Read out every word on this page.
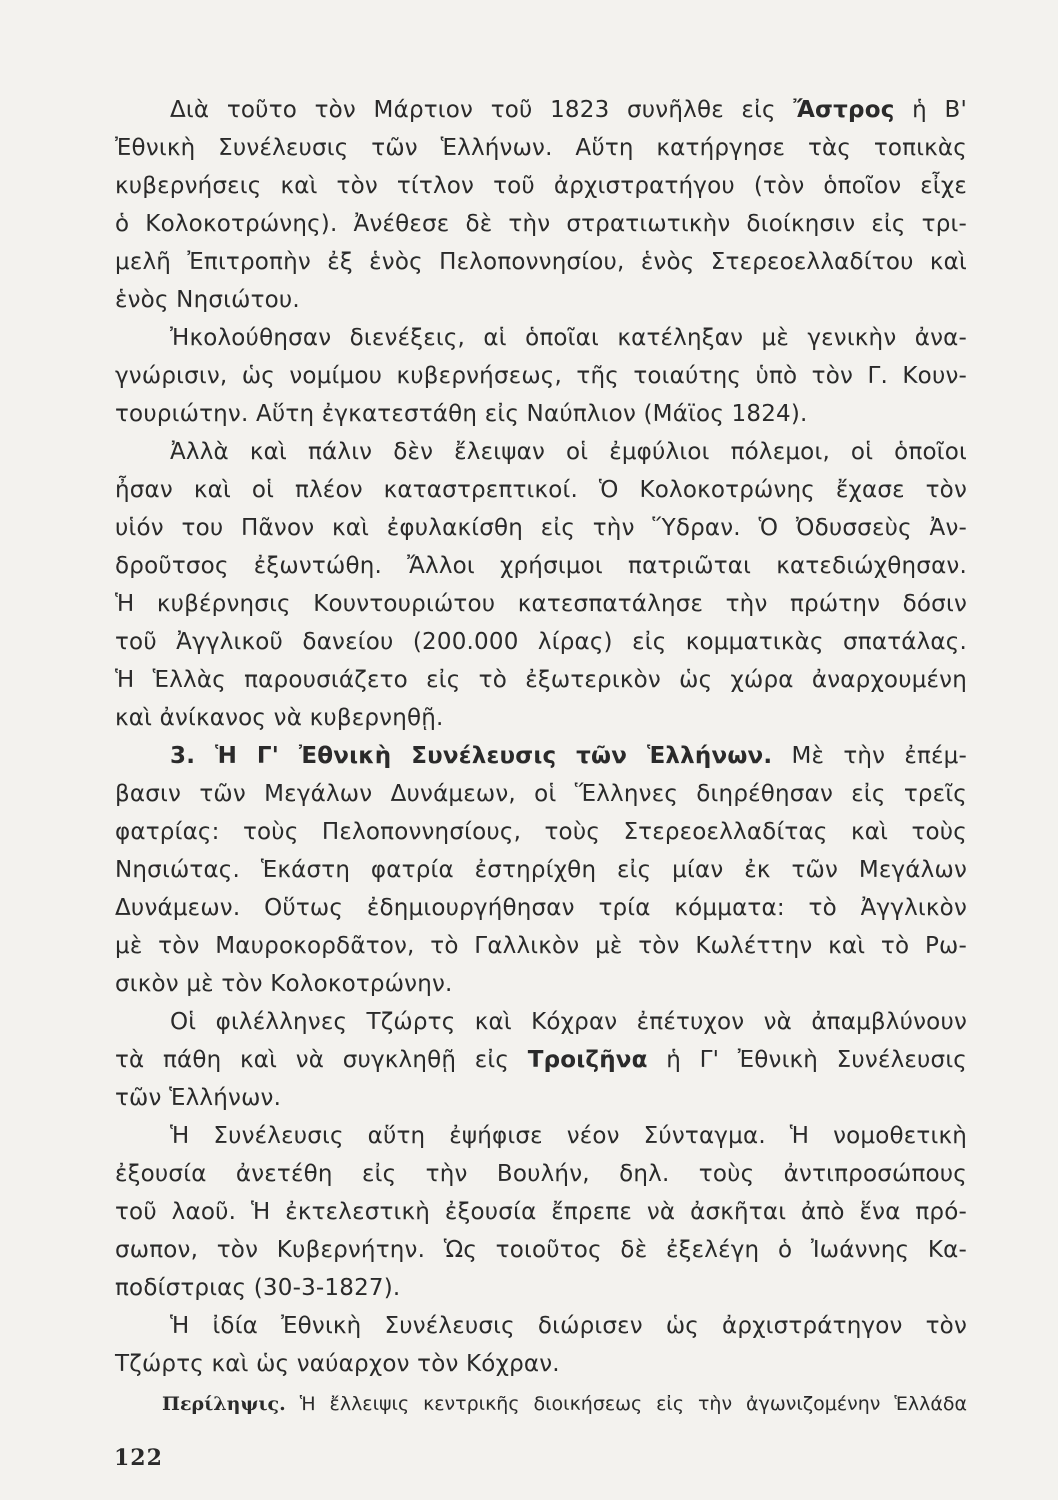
Διὰ τοῦτο τὸν Μάρτιον τοῦ 1823 συνῆλθε εἰς Ἄστρος ἡ Β'
Ἐθνικὴ Συνέλευσις τῶν Ἑλλήνων. Αὕτη κατήργησε τὰς τοπικὰς
κυβερνήσεις καὶ τὸν τίτλον τοῦ ἀρχιστρατήγου (τὸν ὁποῖον εἶχε
ὁ Κολοκοτρώνης). Ἀνέθεσε δὲ τὴν στρατιωτικὴν διοίκησιν εἰς τρι-
μελῆ Ἐπιτροπὴν ἐξ ἑνὸς Πελοποννησίου, ἑνὸς Στερεοελλαδίτου καὶ
ἑνὸς Νησιώτου.
Ἠκολούθησαν διενέξεις, αἱ ὁποῖαι κατέληξαν μὲ γενικὴν ἀνα-
γνώρισιν, ὡς νομίμου κυβερνήσεως, τῆς τοιαύτης ὑπὸ τὸν Γ. Κουν-
τουριώτην. Αὕτη ἐγκατεστάθη εἰς Ναύπλιον (Μάϊος 1824).
Ἀλλὰ καὶ πάλιν δὲν ἔλειψαν οἱ ἐμφύλιοι πόλεμοι, οἱ ὁποῖοι
ἦσαν καὶ οἱ πλέον καταστρεπτικοί. Ὁ Κολοκοτρώνης ἔχασε τὸν
υἱόν του Πᾶνον καὶ ἐφυλακίσθη εἰς τὴν Ὕδραν. Ὁ Ὀδυσσεὺς Ἀν-
δροῦτσος ἐξωντώθη. Ἄλλοι χρήσιμοι πατριῶται κατεδιώχθησαν.
Ἡ κυβέρνησις Κουντουριώτου κατεσπατάλησε τὴν πρώτην δόσιν
τοῦ Ἀγγλικοῦ δανείου (200.000 λίρας) εἰς κομματικὰς σπατάλας.
Ἡ Ἑλλὰς παρουσιάζετο εἰς τὸ ἐξωτερικὸν ὡς χώρα ἀναρχουμένη
καὶ ἀνίκανος νὰ κυβερνηθῇ.
3. Ἡ Γ' Ἐθνικὴ Συνέλευσις τῶν Ἑλλήνων. Μὲ τὴν ἐπέμ-
βασιν τῶν Μεγάλων Δυνάμεων, οἱ Ἕλληνες διηρέθησαν εἰς τρεῖς
φατρίας: τοὺς Πελοποννησίους, τοὺς Στερεοελλαδίτας καὶ τοὺς
Νησιώτας. Ἑκάστη φατρία ἐστηρίχθη εἰς μίαν ἐκ τῶν Μεγάλων
Δυνάμεων. Οὕτως ἐδημιουργήθησαν τρία κόμματα: τὸ Ἀγγλικὸν
μὲ τὸν Μαυροκορδᾶτον, τὸ Γαλλικὸν μὲ τὸν Κωλέττην καὶ τὸ Ρω-
σικὸν μὲ τὸν Κολοκοτρώνην.
Οἱ φιλέλληνες Τζώρτς καὶ Κόχραν ἐπέτυχον νὰ ἀπαμβλύνουν
τὰ πάθη καὶ νὰ συγκληθῇ εἰς Τροιζῆνα ἡ Γ' Ἐθνικὴ Συνέλευσις
τῶν Ἑλλήνων.
Ἡ Συνέλευσις αὕτη ἐψήφισε νέον Σύνταγμα. Ἡ νομοθετικὴ
ἐξουσία ἀνετέθη εἰς τὴν Βουλήν, δηλ. τοὺς ἀντιπροσώπους
τοῦ λαοῦ. Ἡ ἐκτελεστικὴ ἐξουσία ἔπρεπε νὰ ἀσκῆται ἀπὸ ἕνα πρό-
σωπον, τὸν Κυβερνήτην. Ὡς τοιοῦτος δὲ ἐξελέγη ὁ Ἰωάννης Κα-
ποδίστριας (30-3-1827).
Ἡ ἰδία Ἐθνικὴ Συνέλευσις διώρισεν ὡς ἀρχιστράτηγον τὸν
Τζώρτς καὶ ὡς ναύαρχον τὸν Κόχραν.
Περίληψις. Ἡ ἔλλειψις κεντρικῆς διοικήσεως εἰς τὴν ἀγωνιζομένην Ἑλλάδα
122
